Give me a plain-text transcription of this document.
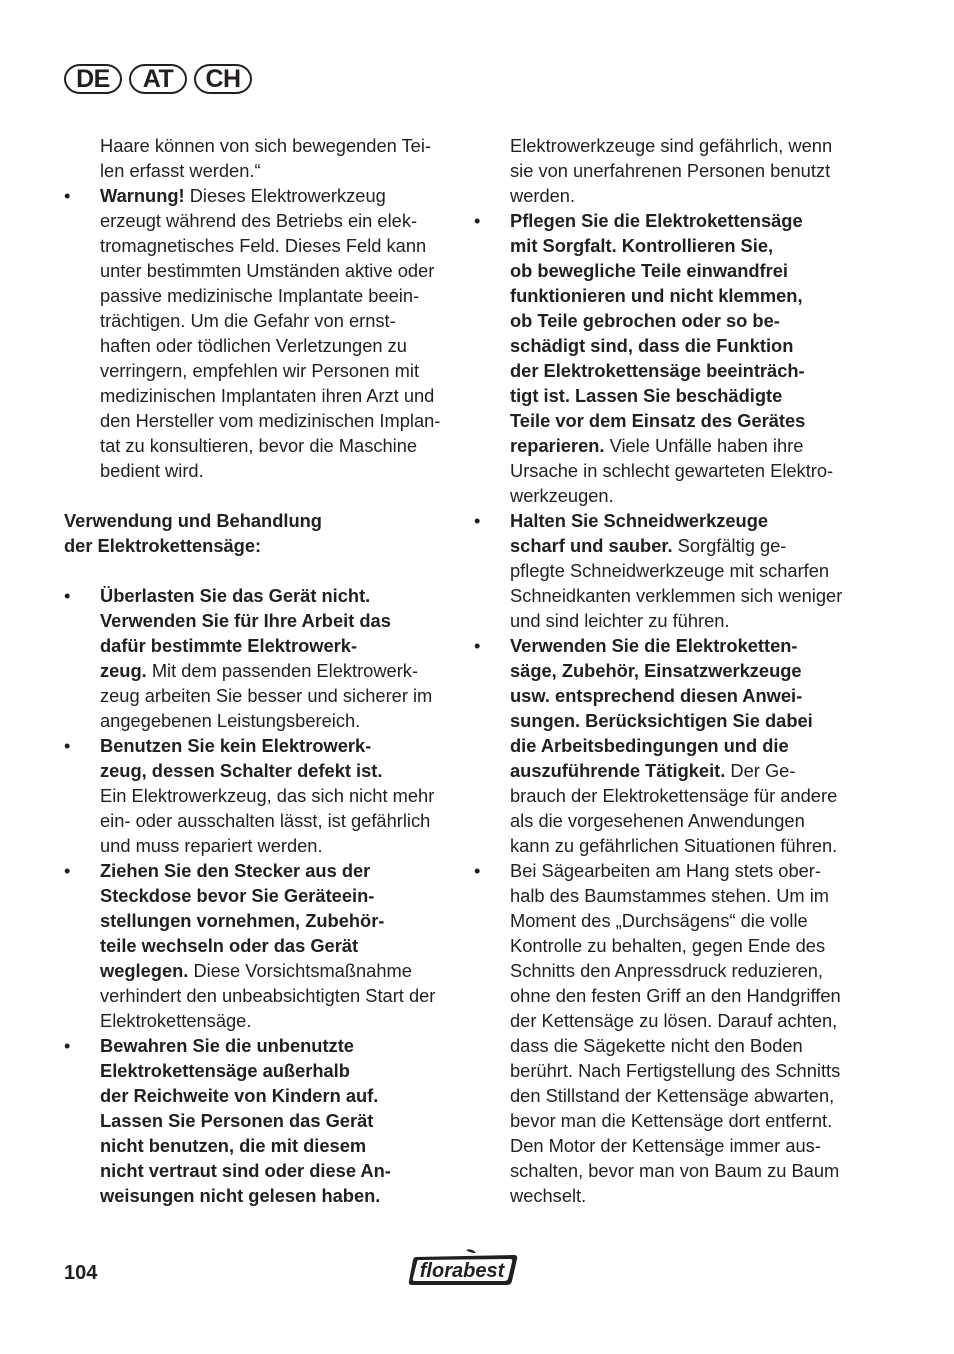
DE	AT	CH
Haare können von sich bewegenden Tei-
len erfasst werden.“
•	Warnung! Dieses Elektrowerkzeug
erzeugt während des Betriebs ein elek-
tromagnetisches Feld. Dieses Feld kann
unter bestimmten Umständen aktive oder
passive medizinische Implantate beein-
trächtigen. Um die Gefahr von ernst-
haften oder tödlichen Verletzungen zu
verringern, empfehlen wir Personen mit
medizinischen Implantaten ihren Arzt und
den Hersteller vom medizinischen Implan-
tat zu konsultieren, bevor die Maschine
bedient wird.
Verwendung und Behandlung
der Elektrokettensäge:
•	Überlasten Sie das Gerät nicht.
Verwenden Sie für Ihre Arbeit das
dafür bestimmte Elektrowerk-
zeug. Mit dem passenden Elektrowerk-
zeug arbeiten Sie besser und sicherer im
angegebenen Leistungsbereich.
•	Benutzen Sie kein Elektrowerk-
zeug, dessen Schalter defekt ist.
Ein Elektrowerkzeug, das sich nicht mehr
ein- oder ausschalten lässt, ist gefährlich
und muss repariert werden.
•	Ziehen Sie den Stecker aus der
Steckdose bevor Sie Geräteein-
stellungen vornehmen, Zubehör-
teile wechseln oder das Gerät
weglegen. Diese Vorsichtsmaßnahme
verhindert den unbeabsichtigten Start der
Elektrokettensäge.
•	Bewahren Sie die unbenutzte
Elektrokettensäge außerhalb
der Reichweite von Kindern auf.
Lassen Sie Personen das Gerät
nicht benutzen, die mit diesem
nicht vertraut sind oder diese An-
weisungen nicht gelesen haben.
Elektrowerkzeuge sind gefährlich, wenn
sie von unerfahrenen Personen benutzt
werden.
•	Pflegen Sie die Elektrokettensäge
mit Sorgfalt. Kontrollieren Sie,
ob bewegliche Teile einwandfrei
funktionieren und nicht klemmen,
ob Teile gebrochen oder so be-
schädigt sind, dass die Funktion
der Elektrokettensäge beeinträch-
tigt ist. Lassen Sie beschädigte
Teile vor dem Einsatz des Gerätes
reparieren. Viele Unfälle haben ihre
Ursache in schlecht gewarteten Elektro-
werkzeugen.
•	Halten Sie Schneidwerkzeuge
scharf und sauber. Sorgfältig ge-
pflegte Schneidwerkzeuge mit scharfen
Schneidkanten verklemmen sich weniger
und sind leichter zu führen.
•	Verwenden Sie die Elektroketten-
säge, Zubehör, Einsatzwerkzeuge
usw. entsprechend diesen Anwei-
sungen. Berücksichtigen Sie dabei
die Arbeitsbedingungen und die
auszuführende Tätigkeit. Der Ge-
brauch der Elektrokettensäge für andere
als die vorgesehenen Anwendungen
kann zu gefährlichen Situationen führen.
•	Bei Sägearbeiten am Hang stets ober-
halb des Baumstammes stehen. Um im
Moment des „Durchsägens“ die volle
Kontrolle zu behalten, gegen Ende des
Schnitts den Anpressdruck reduzieren,
ohne den festen Griff an den Handgriffen
der Kettensäge zu lösen. Darauf achten,
dass die Sägekette nicht den Boden
berührt. Nach Fertigstellung des Schnitts
den Stillstand der Kettensäge abwarten,
bevor man die Kettensäge dort entfernt.
Den Motor der Kettensäge immer aus-
schalten, bevor man von Baum zu Baum
wechselt.
104	florabest
